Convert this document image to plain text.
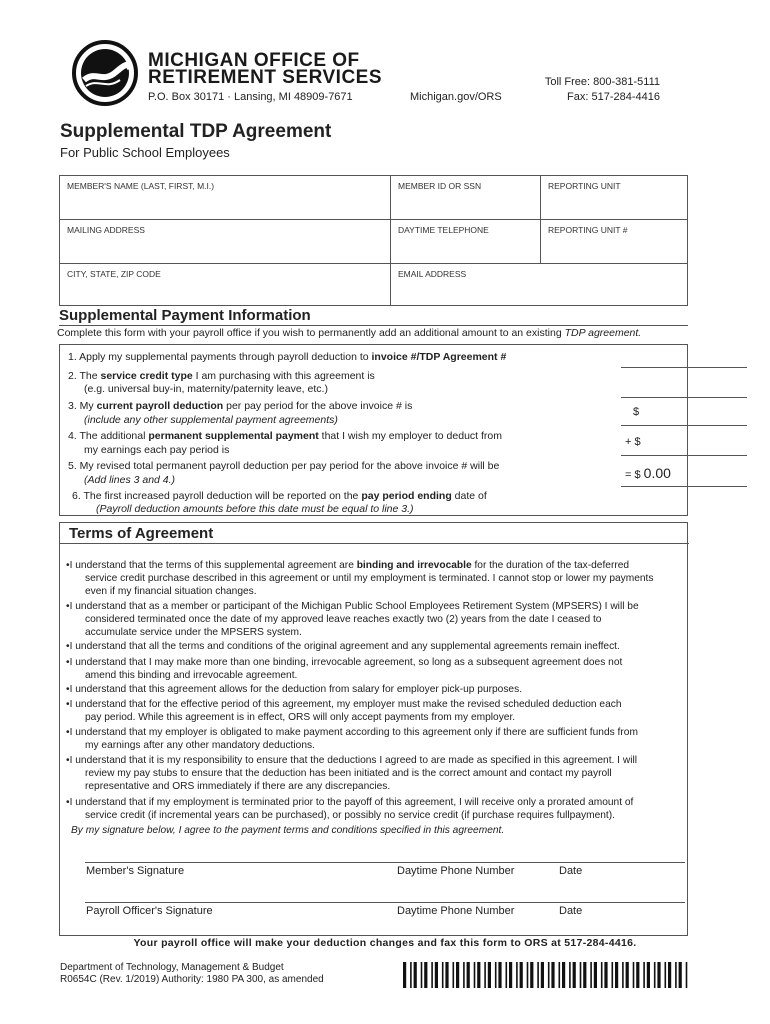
MICHIGAN OFFICE OF
RETIREMENT SERVICES
P.O. Box 30171 · Lansing, MI 48909-7671	Michigan.gov/ORS
Toll Free: 800-381-5111
Fax: 517-284-4416
Supplemental TDP Agreement
For Public School Employees
MEMBER'S NAME (LAST, FIRST, M.I.)	MEMBER ID OR SSN	REPORTING UNIT
MAILING ADDRESS	DAYTIME TELEPHONE	REPORTING UNIT #
CITY, STATE, ZIP CODE	EMAIL ADDRESS
Supplemental Payment Information
Complete this form with your payroll office if you wish to permanently add an additional amount to an existing TDP agreement.
1. Apply my supplemental payments through payroll deduction to invoice #/TDP Agreement #
2. The service credit type I am purchasing with this agreement is
(e.g. universal buy-in, maternity/paternity leave, etc.)
3. My current payroll deduction per pay period for the above invoice # is
(include any other supplemental payment agreements)
$
4. The additional permanent supplemental payment that I wish my employer to deduct from
my earnings each pay period is
+ $
5. My revised total permanent payroll deduction per pay period for the above invoice # will be
(Add lines 3 and 4.)	= $ 0.00
6. The first increased payroll deduction will be reported on the pay period ending date of
(Payroll deduction amounts before this date must be equal to line 3.)
Terms of Agreement
•I understand that the terms of this supplemental agreement are binding and irrevocable for the duration of the tax-deferred
service credit purchase described in this agreement or until my employment is terminated. I cannot stop or lower my payments
even if my financial situation changes.
•I understand that as a member or participant of the Michigan Public School Employees Retirement System (MPSERS) I will be
considered terminated once the date of my approved leave reaches exactly two (2) years from the date I ceased to
accumulate service under the MPSERS system.
•I understand that all the terms and conditions of the original agreement and any supplemental agreements remain ineffect.
•I understand that I may make more than one binding, irrevocable agreement, so long as a subsequent agreement does not
amend this binding and irrevocable agreement.
•I understand that this agreement allows for the deduction from salary for employer pick-up purposes.
•I understand that for the effective period of this agreement, my employer must make the revised scheduled deduction each
pay period. While this agreement is in effect, ORS will only accept payments from my employer.
•I understand that my employer is obligated to make payment according to this agreement only if there are sufficient funds from
my earnings after any other mandatory deductions.
•I understand that it is my responsibility to ensure that the deductions I agreed to are made as specified in this agreement. I will
review my pay stubs to ensure that the deduction has been initiated and is the correct amount and contact my payroll
representative and ORS immediately if there are any discrepancies.
•I understand that if my employment is terminated prior to the payoff of this agreement, I will receive only a prorated amount of
service credit (if incremental years can be purchased), or possibly no service credit (if purchase requires fullpayment).
By my signature below, I agree to the payment terms and conditions specified in this agreement.
Member's Signature	Daytime Phone Number	Date
Payroll Officer's Signature	Daytime Phone Number	Date
Your payroll office will make your deduction changes and fax this form to ORS at 517-284-4416.
Department of Technology, Management & Budget
R0654C (Rev. 1/2019) Authority: 1980 PA 300, as amended
